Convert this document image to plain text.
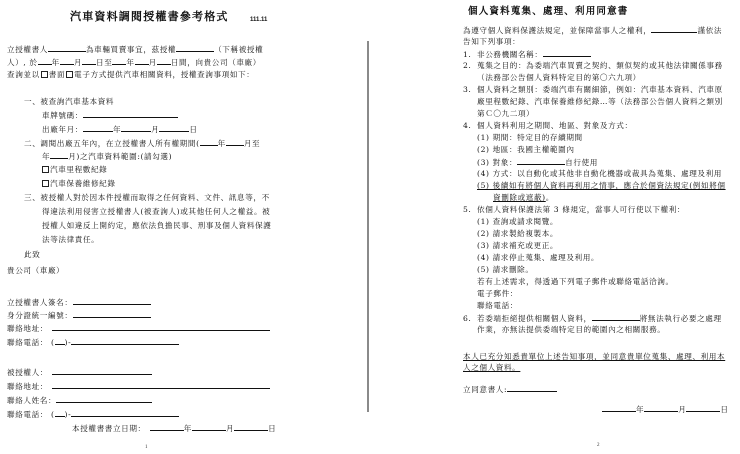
汽車資料調閱授權書參考格式	111.11
立授權書人	為車輛買賣事宜，茲授權	（下稱被授權
人）, 於 年 月 日至 年 月 日間，向貴公司（車廠）
查詢並以 書面 電子方式提供汽車相關資料，授權查詢事項如下：
一、被查詢汽車基本資料
車牌號碼：
出廠年月：	年	月	日
二、調閱出廠五年內，在立授權書人所有權期間( 年 月至
年 月)之汽車資料範圍:(請勾選)
汽車里程數紀錄
汽車保養維修紀錄
三、被授權人對於因本件授權而取得之任何資料、文件、訊息等，不
得違法利用侵害立授權書人(被查詢人)或其他任何人之權益。被
授權人如違反上開約定，應依法負擔民事、刑事及個人資料保護
法等法律責任。
此致
貴公司（車廠）
立授權書人簽名：
身分證統一編號：
聯絡地址：
聯絡電話： ( )-
被授權人：
聯絡地址：
聯絡人姓名：
聯絡電話： ( )-
本授權書書立日期：	年	月	日
1
個人資料蒐集、處理、利用同意書
為遵守個人資料保護法規定，並保障當事人之權利，	謹依法
告知下列事項：
1. 非公務機關名稱：
2. 蒐集之目的：為委端汽車買賣之契約、類似契約或其他法律關係事務
（法務部公告個人資料特定目的第〇六九項）
3. 個人資料之類別：委端汽車有關細節，例如：汽車基本資料、汽車原
廠里程數紀錄、汽車保養維修紀錄…等（法務部公告個人資料之類別
第Ｃ〇九二項）
4. 個人資料利用之期間、地區、對象及方式：
(1) 期間：特定目的存續期間
(2) 地區：我國主權範圍內
(3) 對象：	自行使用
(4) 方式：以自動化或其他非自動化機器或裁具為蒐集、處理及利用
(5) 後續如有將個人資料再利用之情事，應合於個資法規定(例如將個
資刪除或遮蔽)。
5. 依個人資料保護法第 3 條規定，當事人可行使以下權利：
(1) 查詢或請求閱覽。
(2) 請求製給複製本。
(3) 請求補充或更正。
(4) 請求停止蒐集、處理及利用。
(5) 請求刪除。
若有上述需求，得透過下列電子郵件或聯絡電話洽詢。
電子郵件：
聯絡電話：
6. 若委端拒絕提供相關個人資料，	將無法執行必要之處理
作業，亦無法提供委端特定目的範圍內之相關服務。
本人已充分知悉貴單位上述告知事項，並同意貴單位蒐集、處理、利用本
人之個人資料。
立同意書人:
年	月	日
2
